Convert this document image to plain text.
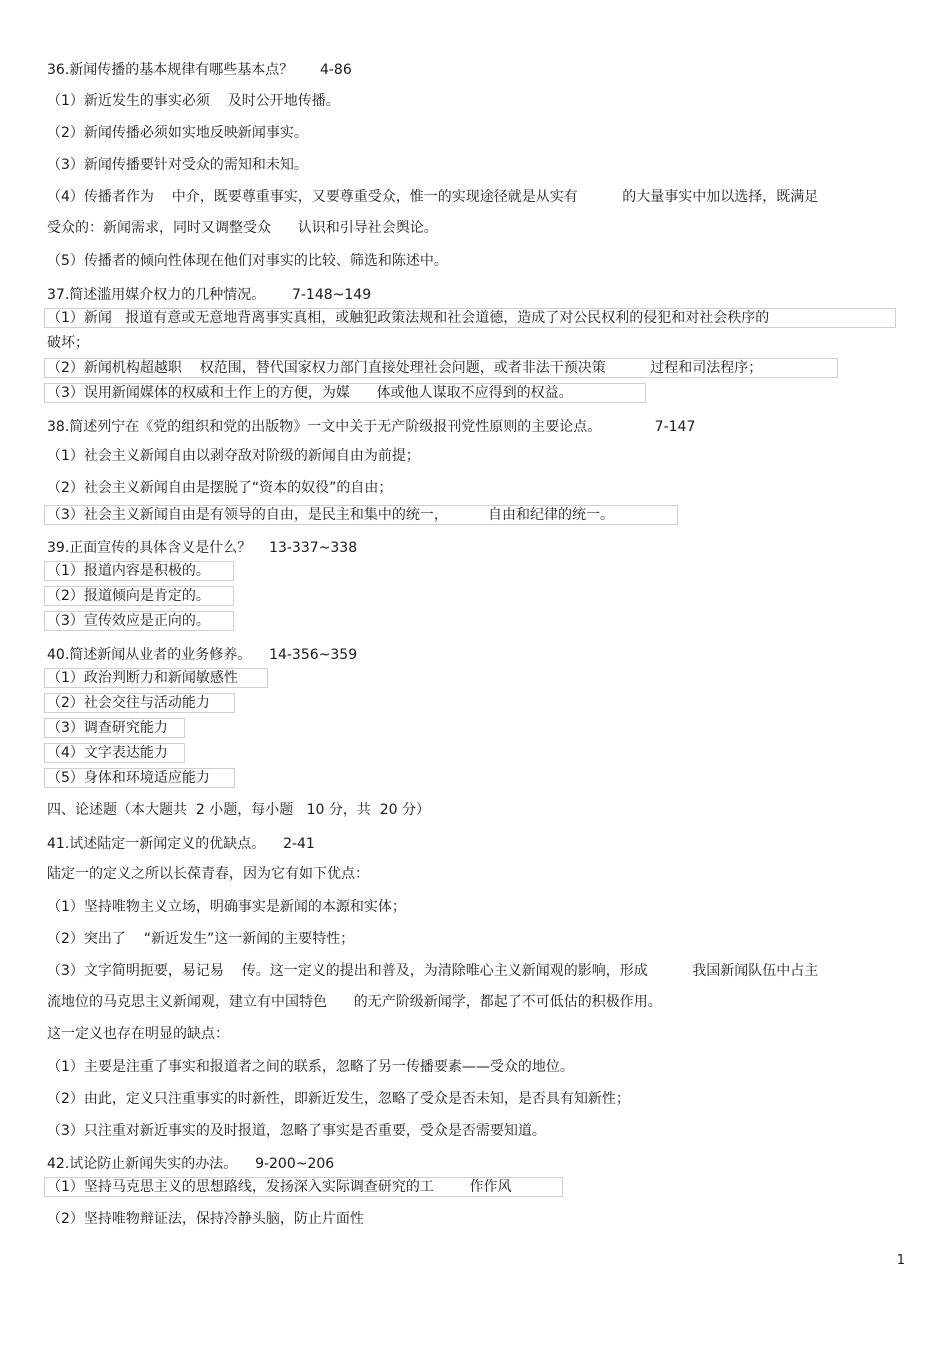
36.新闻传播的基本规律有哪些基本点？      4-86
（1）新近发生的事实必须    及时公开地传播。
（2）新闻传播必须如实地反映新闻事实。
（3）新闻传播要针对受众的需知和未知。
（4）传播者作为    中介，既要尊重事实，又要尊重受众，惟一的实现途径就是从实有          的大量事实中加以选择，既满足
受众的：新闻需求，同时又调整受众      认识和引导社会舆论。
（5）传播者的倾向性体现在他们对事实的比较、筛选和陈述中。
37.简述滥用媒介权力的几种情况。      7-148~149
（1）新闻   报道有意或无意地背离事实真相，或触犯政策法规和社会道德，造成了对公民权利的侵犯和对社会秩序的
破坏；
（2）新闻机构超越职    权范围，替代国家权力部门直接处理社会问题，或者非法干预决策          过程和司法程序；
（3）误用新闻媒体的权威和土作上的方便，为媒      体或他人谋取不应得到的权益。
38.简述列宁在《党的组织和党的出版物》一文中关于无产阶级报刊党性原则的主要论点。            7-147
（1）社会主义新闻自由以剥夺敌对阶级的新闻自由为前提；
（2）社会主义新闻自由是摆脱了“资本的奴役”的自由；
（3）社会主义新闻自由是有领导的自由，是民主和集中的统一，         自由和纪律的统一。
39.正面宣传的具体含义是什么？    13-337~338
（1）报道内容是积极的。
（2）报道倾向是肯定的。
（3）宣传效应是正向的。
40.简述新闻从业者的业务修养。    14-356~359
（1）政治判断力和新闻敏感性
（2）社会交往与活动能力
（3）调查研究能力
（4）文字表达能力
（5）身体和环境适应能力
四、论述题（本大题共  2 小题，每小题   10 分，共  20 分）
41.试述陆定一新闻定义的优缺点。    2-41
陆定一的定义之所以长葆青春，因为它有如下优点：
（1）坚持唯物主义立场，明确事实是新闻的本源和实体；
（2）突出了    “新近发生”这一新闻的主要特性；
（3）文字简明扼要，易记易    传。这一定义的提出和普及，为清除唯心主义新闻观的影响，形成          我国新闻队伍中占主
流地位的马克思主义新闻观，建立有中国特色      的无产阶级新闻学，都起了不可低估的积极作用。
这一定义也存在明显的缺点：
（1）主要是注重了事实和报道者之间的联系，忽略了另一传播要素——受众的地位。
（2）由此，定义只注重事实的时新性，即新近发生，忽略了受众是否未知，是否具有知新性；
（3）只注重对新近事实的及时报道，忽略了事实是否重要，受众是否需要知道。
42.试论防止新闻失实的办法。    9-200~206
（1）坚持马克思主义的思想路线，发扬深入实际调查研究的工        作作风
（2）坚持唯物辩证法，保持冷静头脑，防止片面性
1
